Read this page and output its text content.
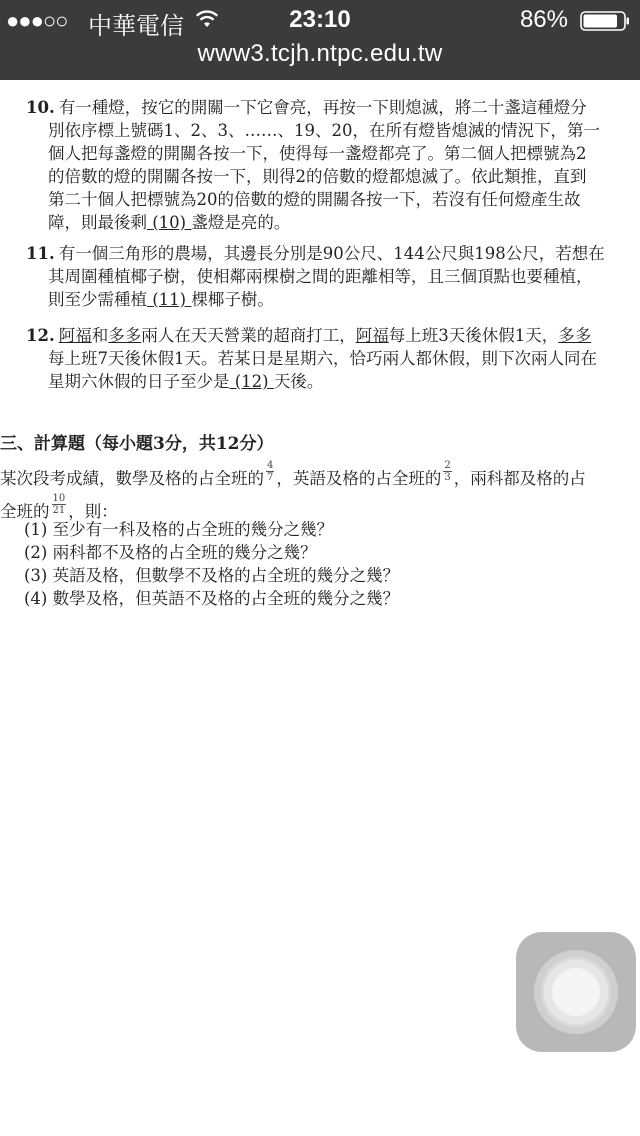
●●●○○ 中華電信	23:10	86%
www3.tcjh.ntpc.edu.tw
10. 有一種燈，按它的開關一下它會亮，再按一下則熄滅，將二十盞這種燈分
別依序標上號碼1、2、3、……、19、20，在所有燈皆熄滅的情況下，第一
個人把每盞燈的開關各按一下，使得每一盞燈都亮了。第二個人把標號為2
的倍數的燈的開關各按一下，則得2的倍數的燈都熄滅了。依此類推，直到
第二十個人把標號為20的倍數的燈的開關各按一下，若沒有任何燈產生故
障，則最後剩 (10) 盞燈是亮的。
11. 有一個三角形的農場，其邊長分別是90公尺、144公尺與198公尺，若想在
其周圍種植椰子樹，使相鄰兩棵樹之間的距離相等，且三個頂點也要種植，
則至少需種植 (11) 棵椰子樹。
12. 阿福和多多兩人在天天營業的超商打工，阿福每上班3天後休假1天，多多
每上班7天後休假1天。若某日是星期六，恰巧兩人都休假，則下次兩人同在
星期六休假的日子至少是 (12) 天後。
三、計算題（每小題3分，共12分）
某次段考成績，數學及格的占全班的 $\frac{4}{7}$ ，英語及格的占全班的 $\frac{2}{3}$ ，兩科都及格的占
全班的 $\frac{10}{21}$ ，則：
(1) 至少有一科及格的占全班的幾分之幾？
(2) 兩科都不及格的占全班的幾分之幾？
(3) 英語及格，但數學不及格的占全班的幾分之幾？
(4) 數學及格，但英語不及格的占全班的幾分之幾？
